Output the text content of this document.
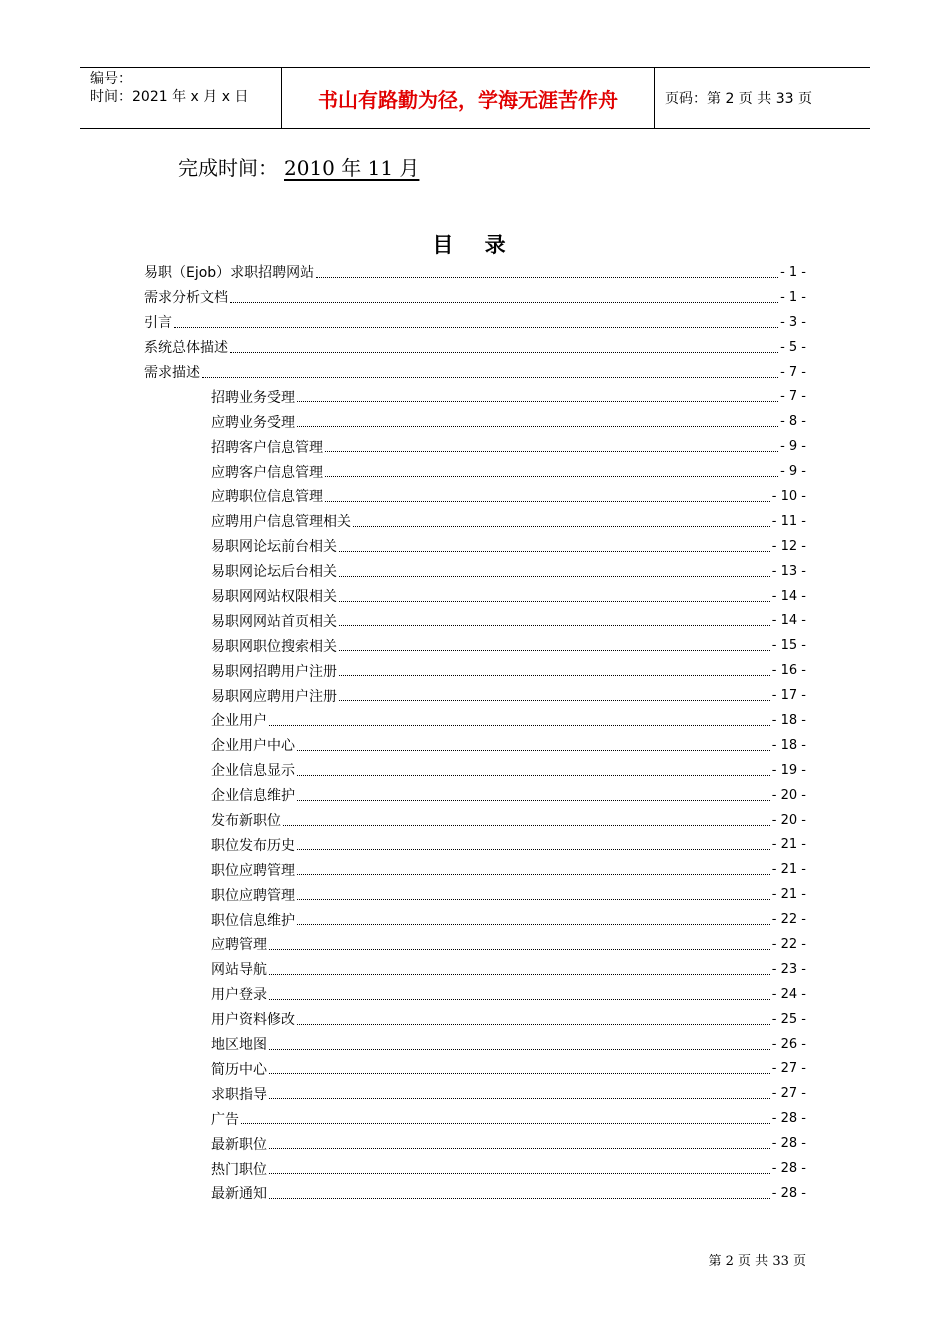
编号：
时间：2021 年 x 月 x 日	书山有路勤为径，学海无涯苦作舟	页码：第 2 页 共 33 页
完成时间： 2010 年 11 月
目 录
易职（Ejob）求职招聘网站	- 1 -
需求分析文档	- 1 -
引言	- 3 -
系统总体描述	- 5 -
需求描述	- 7 -
招聘业务受理	- 7 -
应聘业务受理	- 8 -
招聘客户信息管理	- 9 -
应聘客户信息管理	- 9 -
应聘职位信息管理	- 10 -
应聘用户信息管理相关	- 11 -
易职网论坛前台相关	- 12 -
易职网论坛后台相关	- 13 -
易职网网站权限相关	- 14 -
易职网网站首页相关	- 14 -
易职网职位搜索相关	- 15 -
易职网招聘用户注册	- 16 -
易职网应聘用户注册	- 17 -
企业用户	- 18 -
企业用户中心	- 18 -
企业信息显示	- 19 -
企业信息维护	- 20 -
发布新职位	- 20 -
职位发布历史	- 21 -
职位应聘管理	- 21 -
职位应聘管理	- 21 -
职位信息维护	- 22 -
应聘管理	- 22 -
网站导航	- 23 -
用户登录	- 24 -
用户资料修改	- 25 -
地区地图	- 26 -
简历中心	- 27 -
求职指导	- 27 -
广告	- 28 -
最新职位	- 28 -
热门职位	- 28 -
最新通知	- 28 -
第 2 页 共 33 页
